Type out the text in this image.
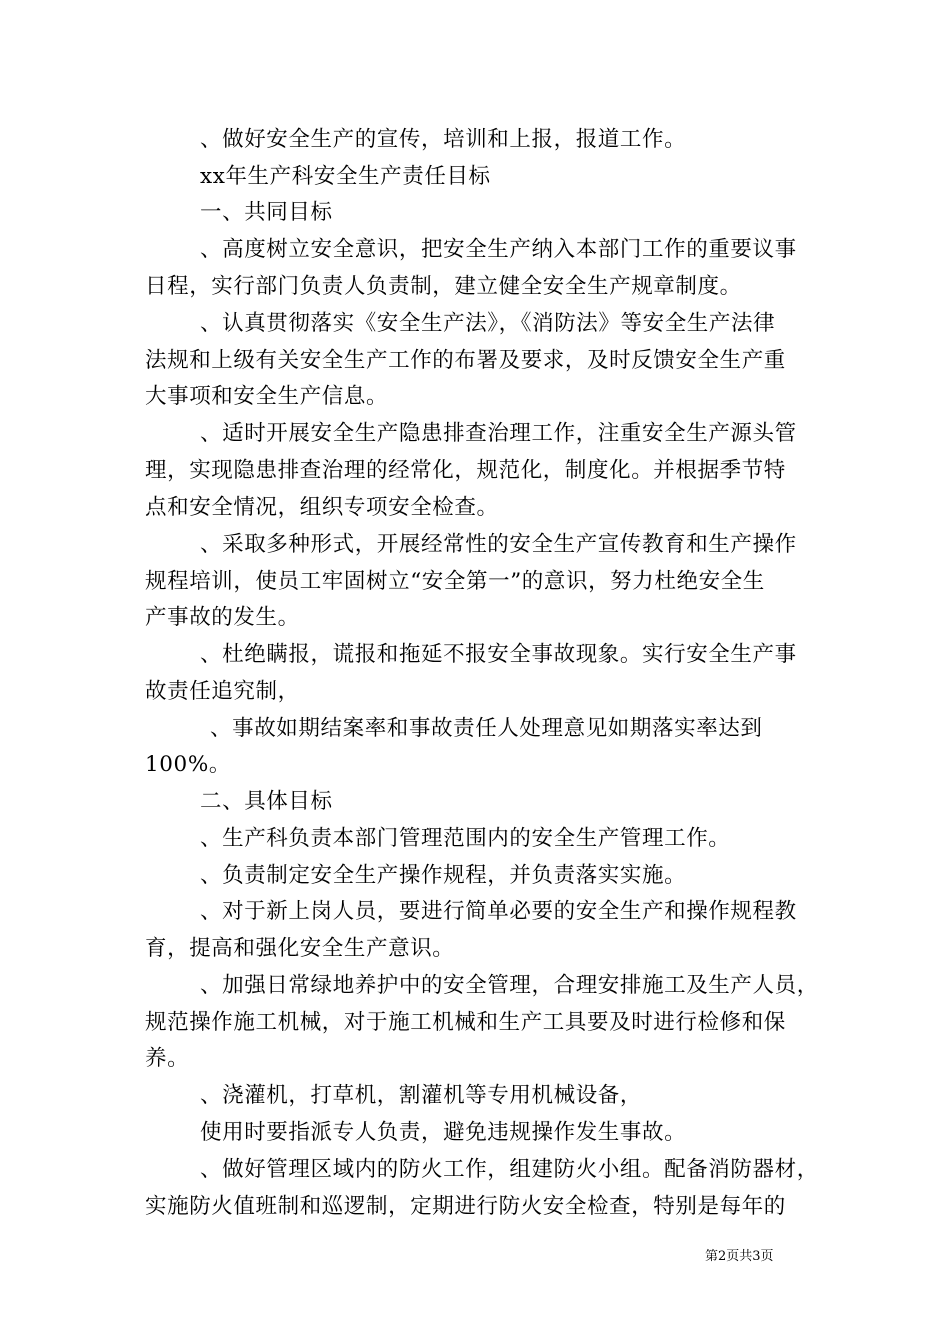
、做好安全生产的宣传，培训和上报，报道工作。
xx年生产科安全生产责任目标
一、共同目标
、高度树立安全意识，把安全生产纳入本部门工作的重要议事
日程，实行部门负责人负责制，建立健全安全生产规章制度。
、认真贯彻落实《安全生产法》，《消防法》等安全生产法律
法规和上级有关安全生产工作的布署及要求，及时反馈安全生产重
大事项和安全生产信息。
、适时开展安全生产隐患排查治理工作，注重安全生产源头管
理，实现隐患排查治理的经常化，规范化，制度化。并根据季节特
点和安全情况，组织专项安全检查。
、采取多种形式，开展经常性的安全生产宣传教育和生产操作
规程培训，使员工牢固树立“安全第一”的意识，努力杜绝安全生
产事故的发生。
、杜绝瞒报，谎报和拖延不报安全事故现象。实行安全生产事
故责任追究制，
、事故如期结案率和事故责任人处理意见如期落实率达到
100%。
二、具体目标
、生产科负责本部门管理范围内的安全生产管理工作。
、负责制定安全生产操作规程，并负责落实实施。
、对于新上岗人员，要进行简单必要的安全生产和操作规程教
育，提高和强化安全生产意识。
、加强日常绿地养护中的安全管理，合理安排施工及生产人员，
规范操作施工机械，对于施工机械和生产工具要及时进行检修和保
养。
、浇灌机，打草机，割灌机等专用机械设备，
使用时要指派专人负责，避免违规操作发生事故。
、做好管理区域内的防火工作，组建防火小组。配备消防器材，
实施防火值班制和巡逻制，定期进行防火安全检查，特别是每年的
第2页共3页
